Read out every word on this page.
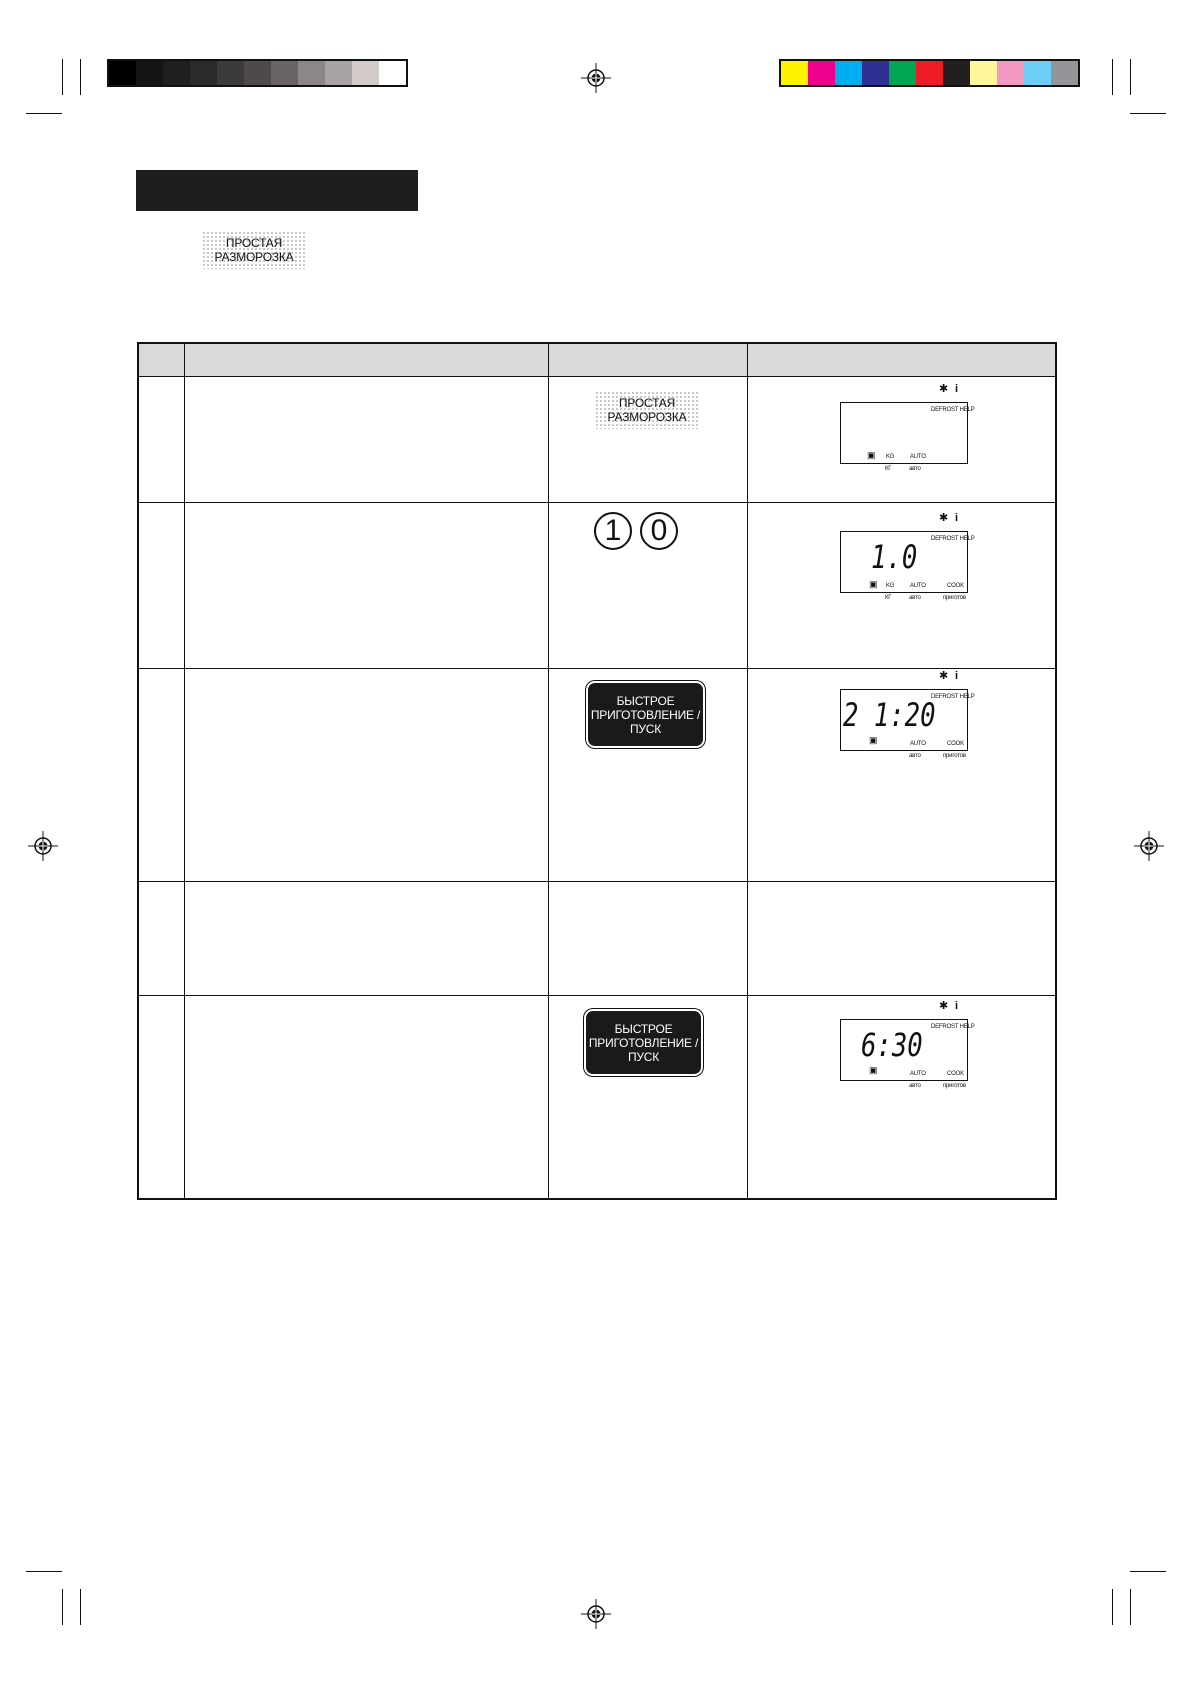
ПРОСТАЯ
РАЗМОРОЗКА
ПРОСТАЯ
РАЗМОРОЗКА
✱ i
DEFROST HELP
▣ KG	AUTO
КГ	авто
1 0	✱ i
DEFROST HELP
1.0
▣ KG	AUTO	COOK
КГ	авто	приготов
БЫСТРОЕ
ПРИГОТОВЛЕНИЕ /
ПУСК
✱ i
DEFROST HELP
2 1:20
▣	AUTO	COOK
авто	приготов
БЫСТРОЕ
ПРИГОТОВЛЕНИЕ /
ПУСК
✱ i
DEFROST HELP
6:30
▣	AUTO	COOK
авто	приготов
